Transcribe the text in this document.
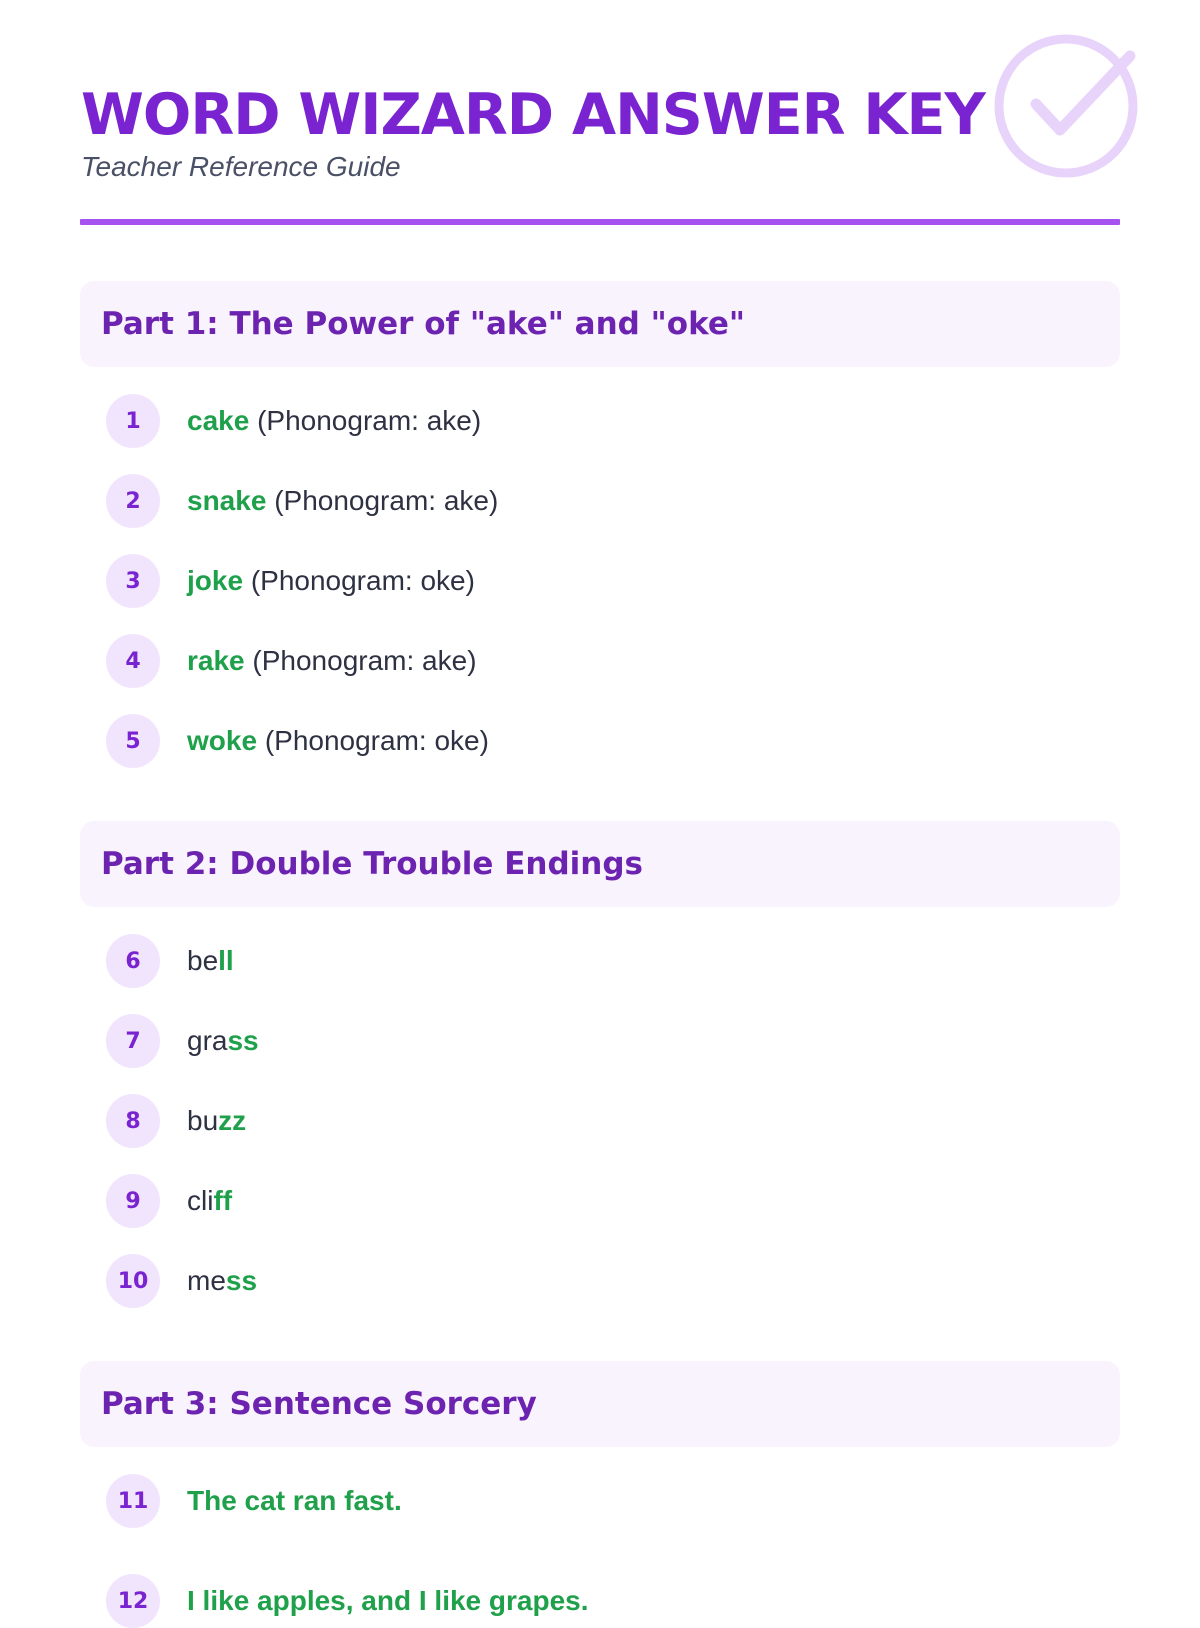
WORD WIZARD ANSWER KEY
Teacher Reference Guide
Part 1: The Power of "ake" and "oke"
1	cake (Phonogram: ake)
2	snake (Phonogram: ake)
3	joke (Phonogram: oke)
4	rake (Phonogram: ake)
5	woke (Phonogram: oke)
Part 2: Double Trouble Endings
6	bell
7	grass
8	buzz
9	cliff
10	mess
Part 3: Sentence Sorcery
11	The cat ran fast.
12	I like apples, and I like grapes.
